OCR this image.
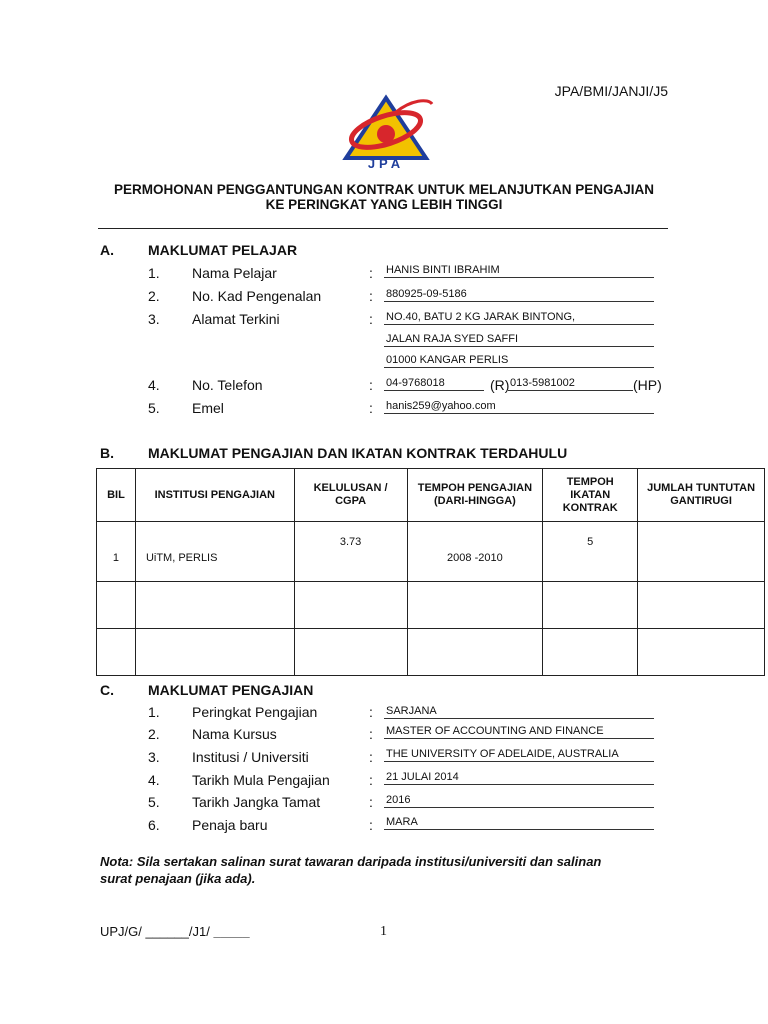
JPA/BMI/JANJI/J5
JPA
PERMOHONAN PENGGANTUNGAN KONTRAK UNTUK MELANJUTKAN PENGAJIAN
KE PERINGKAT YANG LEBIH TINGGI
A. MAKLUMAT PELAJAR
1. Nama Pelajar	: HANIS BINTI IBRAHIM
2. No. Kad Pengenalan	: 880925-09-5186
3. Alamat Terkini	: NO.40, BATU 2 KG JARAK BINTONG,
JALAN RAJA SYED SAFFI
01000 KANGAR PERLIS
4. No. Telefon	: 04-9768018	(R) 013-5981002	(HP)
5. Emel	: hanis259@yahoo.com
B. MAKLUMAT PENGAJIAN DAN IKATAN KONTRAK TERDAHULU
BIL	INSTITUSI PENGAJIAN	KELULUSAN / CGPA	TEMPOH PENGAJIAN (DARI-HINGGA)	TEMPOH IKATAN KONTRAK	JUMLAH TUNTUTAN GANTIRUGI
1	UiTM, PERLIS	3.73	2008 -2010	5	

C. MAKLUMAT PENGAJIAN
1. Peringkat Pengajian	: SARJANA
2. Nama Kursus	: MASTER OF ACCOUNTING AND FINANCE
3. Institusi / Universiti	: THE UNIVERSITY OF ADELAIDE, AUSTRALIA
4. Tarikh Mula Pengajian	: 21 JULAI 2014
5. Tarikh Jangka Tamat	: 2016
6. Penaja baru	: MARA
Nota: Sila sertakan salinan surat tawaran daripada institusi/universiti dan salinan
surat penajaan (jika ada).
UPJ/G/ ______/J1/ _____	1
